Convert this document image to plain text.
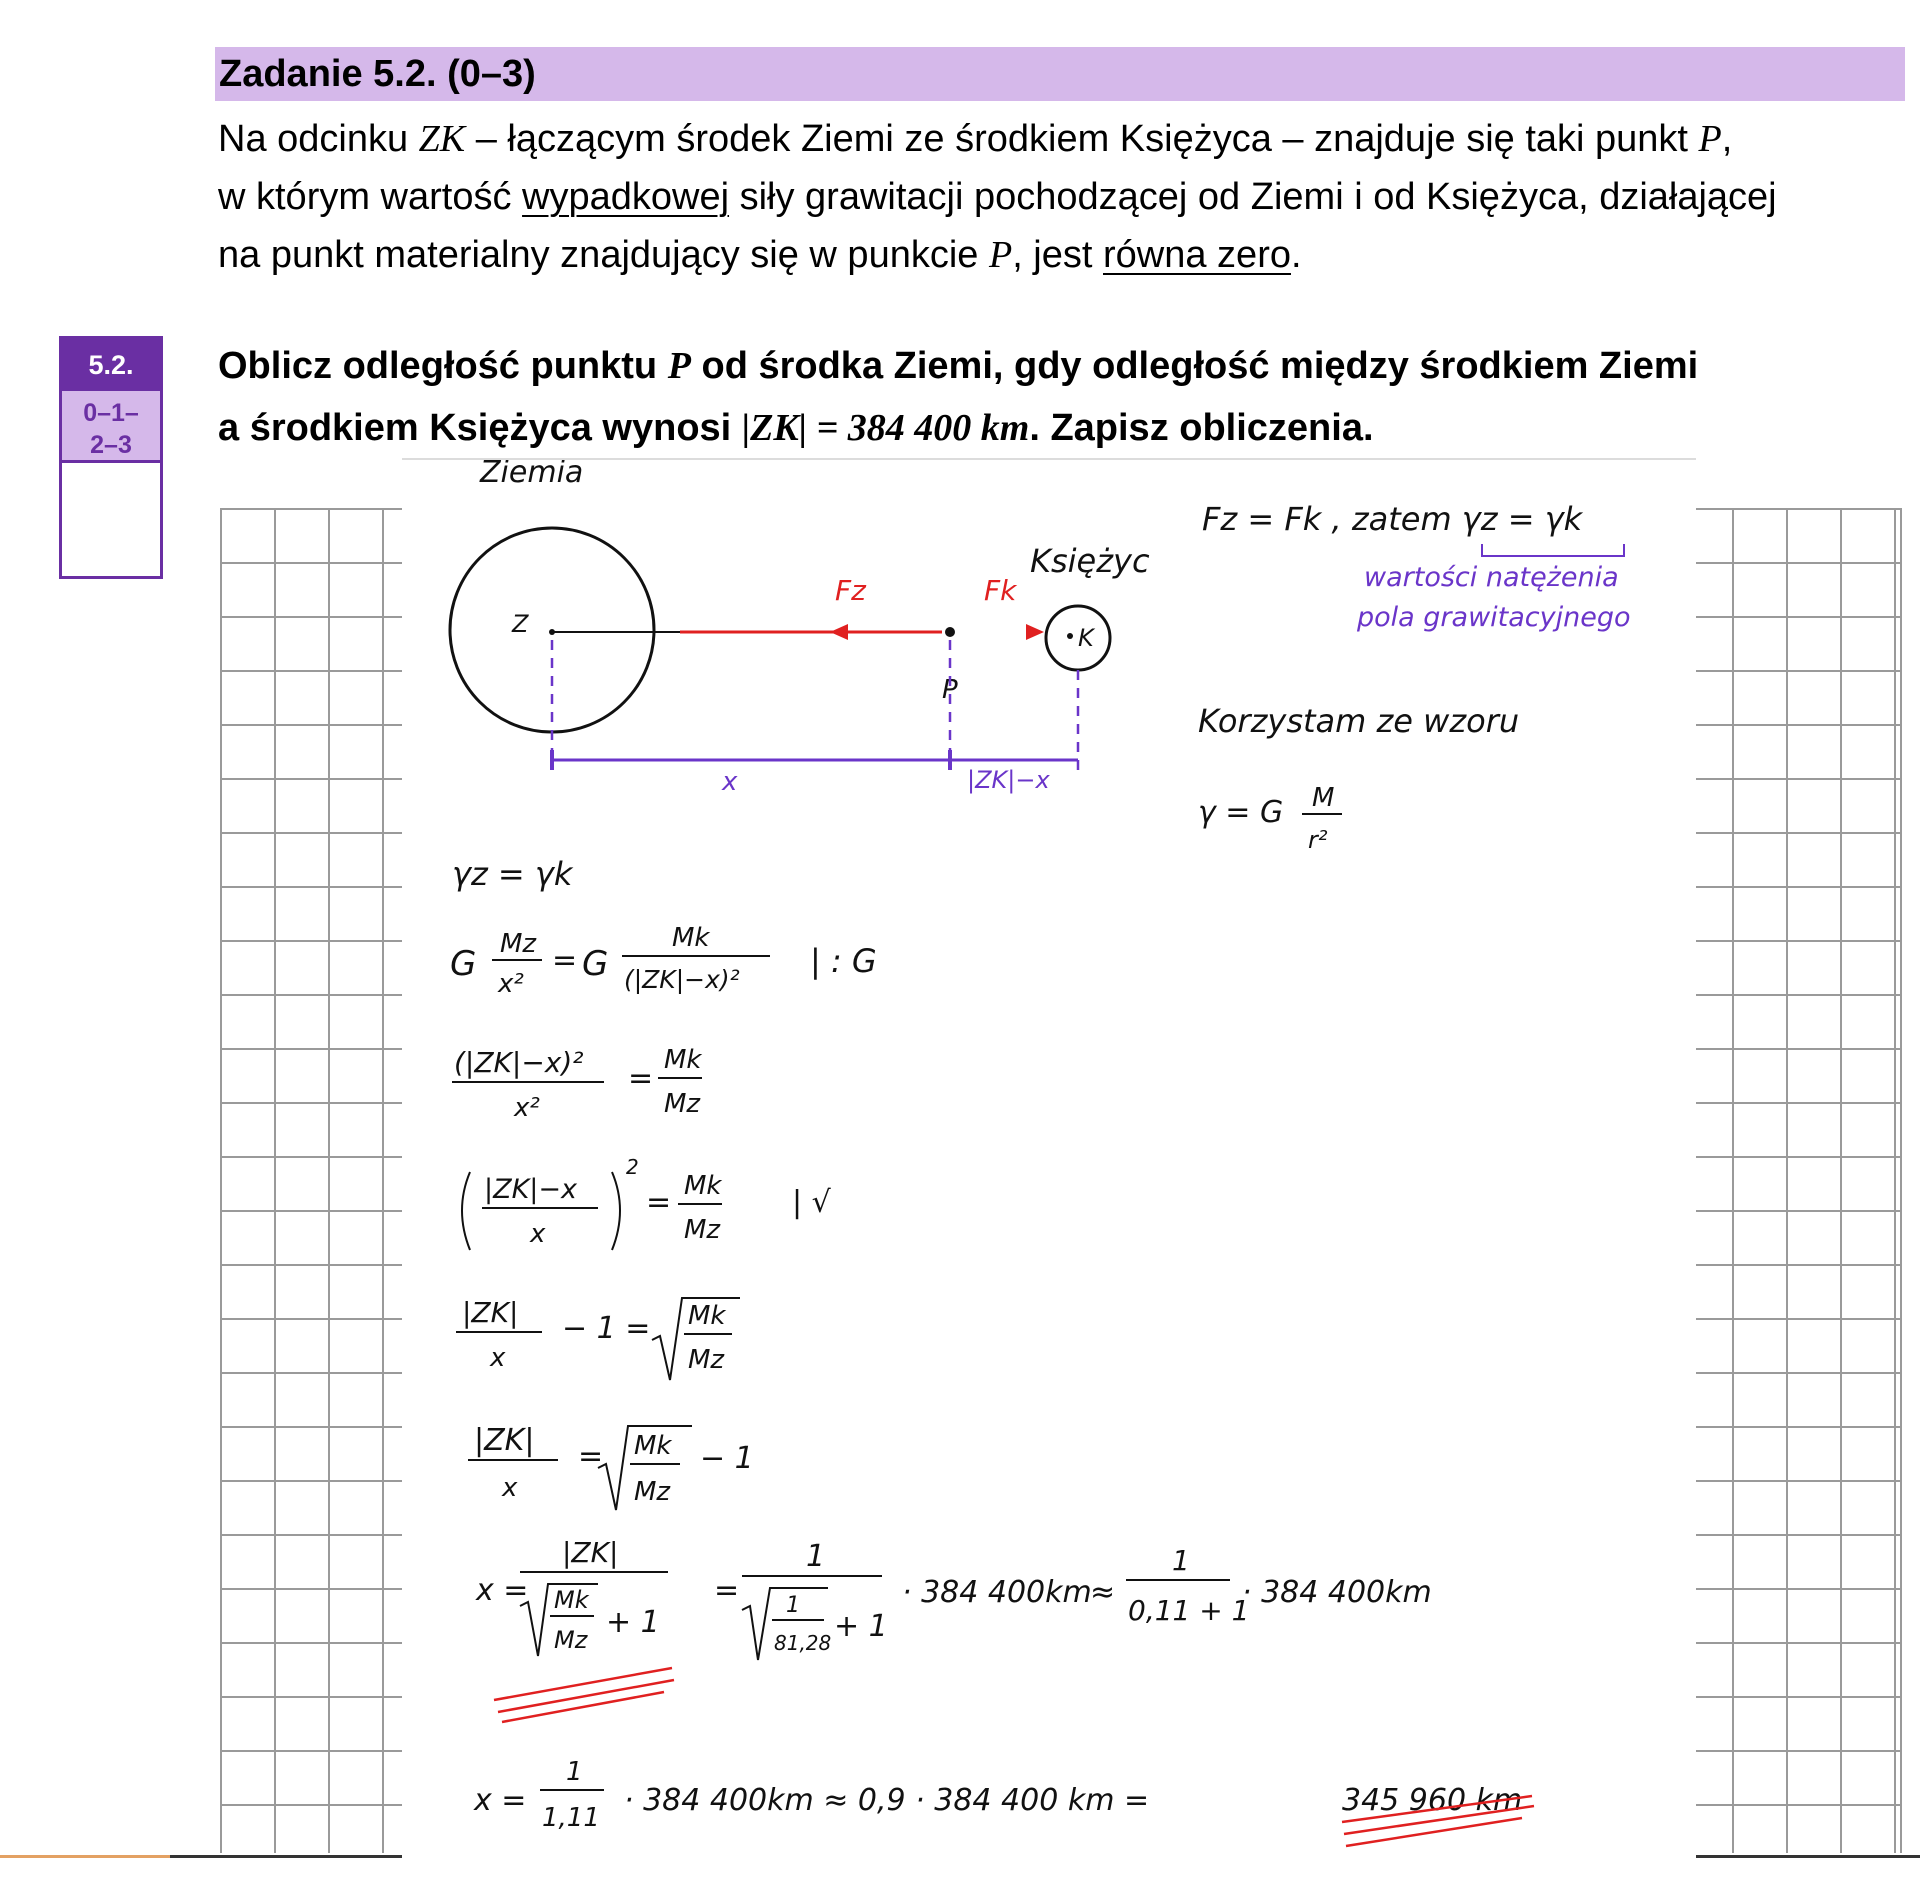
Zadanie 5.2. (0–3)

Na odcinku ZK – łączącym środek Ziemi ze środkiem Księżyca – znajduje się taki punkt P,

w którym wartość wypadkowej siły grawitacji pochodzącej od Ziemi i od Księżyca, działającej

na punkt materialny znajdujący się w punkcie P, jest równa zero.

5.2.
0–1–
2–3

Oblicz odległość punktu P od środka Ziemi, gdy odległość między środkiem Ziemi

a środkiem Księżyca wynosi |ZK| = 384 400 km. Zapisz obliczenia.

Ziemia
Z
Fz	Fk
P
K
Księżyc
x	|ZK|−x
Fz = Fk , zatem γz = γk
wartości natężenia
pola grawitacyjnego
Korzystam ze wzoru
γ = G M
r²
γz = γk
G Mz
x²
= G
Mk
(|ZK|−x)² | : G
(|ZK|−x)²
x²
=
Mk
Mz
|ZK|−x
x
2
= Mk
Mz
| √
|ZK|
x
− 1 = Mk
Mz
|ZK|
x
= Mk
Mz
− 1
x =
|ZK|
Mk
Mz + 1
=
1
1
81,28 + 1
· 384 400km
≈
1
0,11 + 1
· 384 400km
x =
1
1,11 · 384 400km ≈ 0,9 · 384 400 km =	345 960 km
